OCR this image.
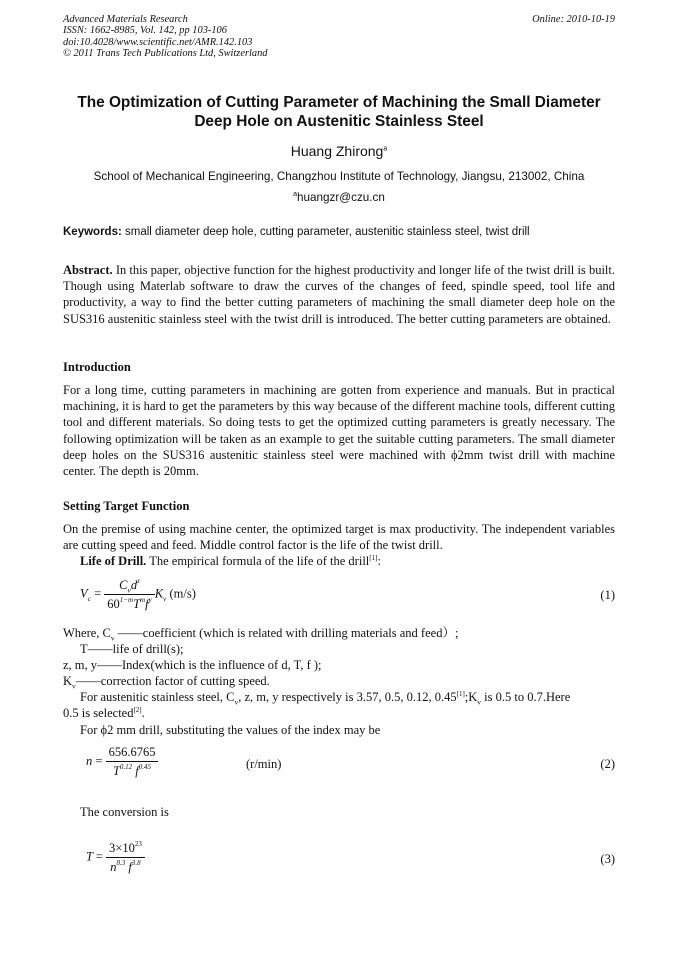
Advanced Materials Research
ISSN: 1662-8985, Vol. 142, pp 103-106
doi:10.4028/www.scientific.net/AMR.142.103
© 2011 Trans Tech Publications Ltd, Switzerland
Online: 2010-10-19
The Optimization of Cutting Parameter of Machining the Small Diameter
Deep Hole on Austenitic Stainless Steel
Huang Zhirong$^a$
School of Mechanical Engineering, Changzhou Institute of Technology, Jiangsu, 213002, China
$^a$huangzr@czu.cn
Keywords: small diameter deep hole, cutting parameter, austenitic stainless steel, twist drill
Abstract. In this paper, objective function for the highest productivity and longer life of the twist drill is built. Though using Materlab software to draw the curves of the changes of feed, spindle speed, tool life and productivity, a way to find the better cutting parameters of machining the small diameter deep hole on the SUS316 austenitic stainless steel with the twist drill is introduced. The better cutting parameters are obtained.
Introduction
For a long time, cutting parameters in machining are gotten from experience and manuals. But in practical machining, it is hard to get the parameters by this way because of the different machine tools, different cutting tool and different materials. So doing tests to get the optimized cutting parameters is greatly necessary. The following optimization will be taken as an example to get the suitable cutting parameters. The small diameter deep holes on the SUS316 austenitic stainless steel were machined with ϕ2mm twist drill with machine center. The depth is 20mm.
Setting Target Function
On the premise of using machine center, the optimized target is max productivity. The independent variables are cutting speed and feed. Middle control factor is the life of the twist drill.
Life of Drill. The empirical formula of the life of the drill[1]:
$V_c = \frac{C_vd^z}{60^{1-m}T^mf^y} K_v$ (m/s)	(1)
Where, $C_v$ ——coefficient (which is related with drilling materials and feed）;
T——life of drill(s);
z, m, y——Index(which is the influence of d, T, f );
$K_v——correction$ factor of cutting speed.
For austenitic stainless steel, $C_v$, z, m, y respectively is 3.57, 0.5, 0.12, $0.45[1];K_v$ is 0.5 to 0.7.Here
0.5 is selected[2].
For ϕ2 mm drill, substituting the values of the index may be
$n = \frac{656.6765}{T^{0.12} f^{0.45}}$	(r/min)	(2)
The conversion is
$T = \frac{3\times 10^{23}}{n^{8.3} f^{3.8}}$	(3)
